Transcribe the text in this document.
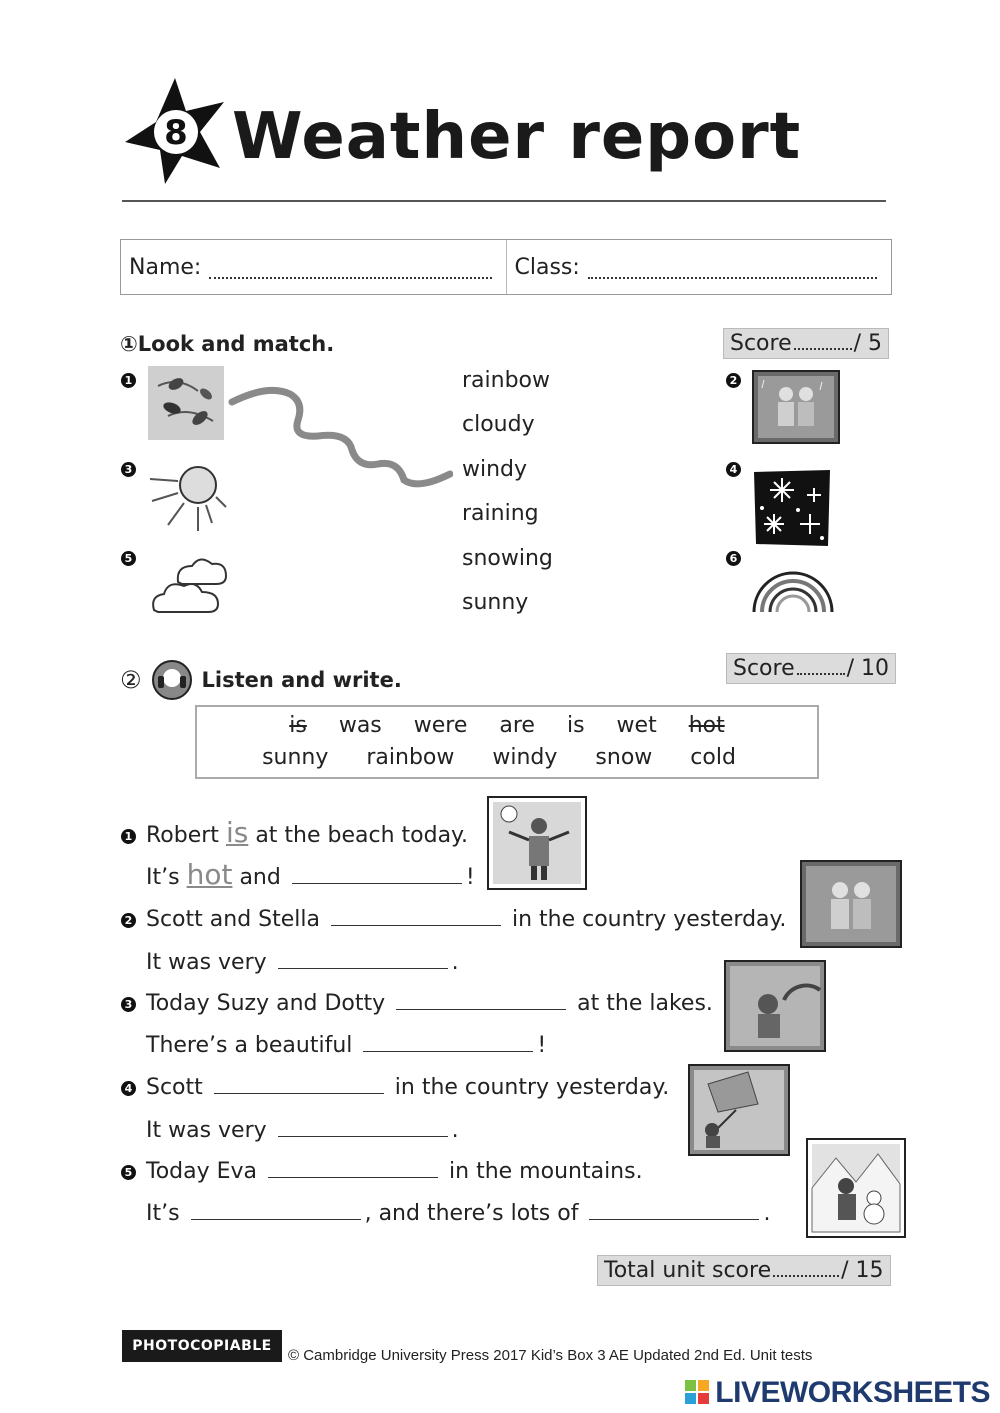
8 Weather report
Name:	Class:
①Look and match.	Score	/ 5
1
3
5
rainbow
cloudy
windy
raining
snowing
sunny
2
4
6
②	Listen and write.	Score / 10
is was were are is wet hot
sunny rainbow windy snow cold
1 Robert is at the beach today.
It’s hot and	!
2 Scott and Stella	in the country yesterday.
It was very	.
3 Today Suzy and Dotty	at the lakes.
There’s a beautiful	!
4 Scott	in the country yesterday.
It was very	.
5 Today Eva	in the mountains.
It’s	, and there’s lots of	.
Total unit score	/ 15
PHOTOCOPIABLE
© Cambridge University Press 2017 Kid’s Box 3 AE Updated 2nd Ed. Unit tests
LIVEWORKSHEETS
